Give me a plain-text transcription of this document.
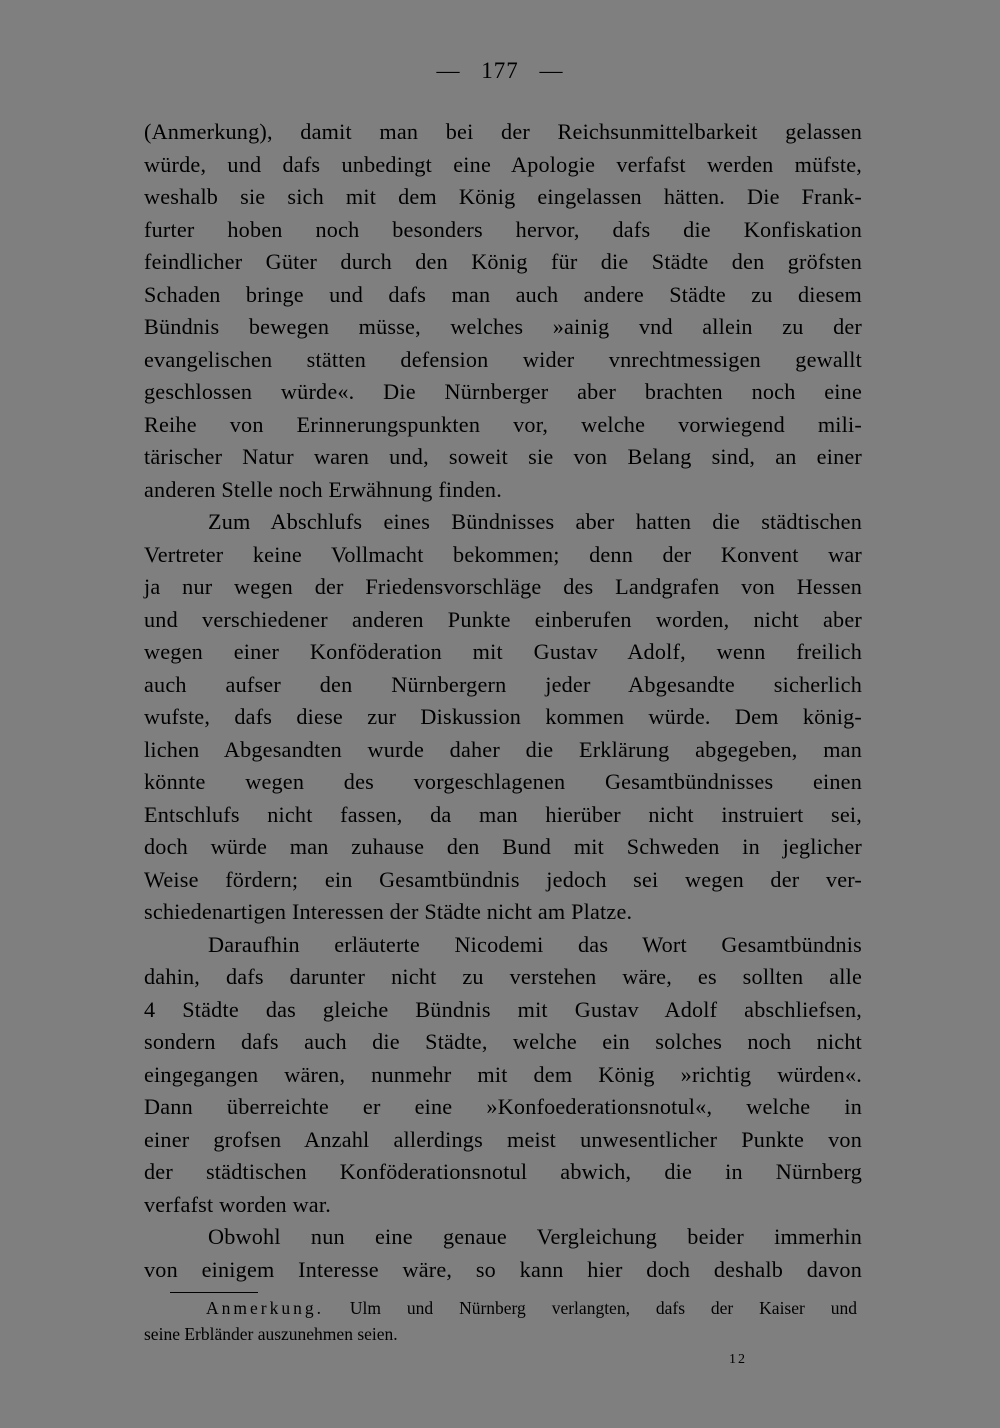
— 177 —
(Anmerkung), damit man bei der Reichsunmittelbarkeit gelassen
würde, und dafs unbedingt eine Apologie verfafst werden müfste,
weshalb sie sich mit dem König eingelassen hätten. Die Frank-
furter hoben noch besonders hervor, dafs die Konfiskation
feindlicher Güter durch den König für die Städte den gröfsten
Schaden bringe und dafs man auch andere Städte zu diesem
Bündnis bewegen müsse, welches »ainig vnd allein zu der
evangelischen stätten defension wider vnrechtmessigen gewallt
geschlossen würde«. Die Nürnberger aber brachten noch eine
Reihe von Erinnerungspunkten vor, welche vorwiegend mili-
tärischer Natur waren und, soweit sie von Belang sind, an einer
anderen Stelle noch Erwähnung finden.
Zum Abschlufs eines Bündnisses aber hatten die städtischen
Vertreter keine Vollmacht bekommen; denn der Konvent war
ja nur wegen der Friedensvorschläge des Landgrafen von Hessen
und verschiedener anderen Punkte einberufen worden, nicht aber
wegen einer Konföderation mit Gustav Adolf, wenn freilich
auch aufser den Nürnbergern jeder Abgesandte sicherlich
wufste, dafs diese zur Diskussion kommen würde. Dem könig-
lichen Abgesandten wurde daher die Erklärung abgegeben, man
könnte wegen des vorgeschlagenen Gesamtbündnisses einen
Entschlufs nicht fassen, da man hierüber nicht instruiert sei,
doch würde man zuhause den Bund mit Schweden in jeglicher
Weise fördern; ein Gesamtbündnis jedoch sei wegen der ver-
schiedenartigen Interessen der Städte nicht am Platze.
Daraufhin erläuterte Nicodemi das Wort Gesamtbündnis
dahin, dafs darunter nicht zu verstehen wäre, es sollten alle
4 Städte das gleiche Bündnis mit Gustav Adolf abschliefsen,
sondern dafs auch die Städte, welche ein solches noch nicht
eingegangen wären, nunmehr mit dem König »richtig würden«.
Dann überreichte er eine »Konfoederationsnotul«, welche in
einer grofsen Anzahl allerdings meist unwesentlicher Punkte von
der städtischen Konföderationsnotul abwich, die in Nürnberg
verfafst worden war.
Obwohl nun eine genaue Vergleichung beider immerhin
von einigem Interesse wäre, so kann hier doch deshalb davon
Anmerkung. Ulm und Nürnberg verlangten, dafs der Kaiser und
seine Erbländer auszunehmen seien.
12
